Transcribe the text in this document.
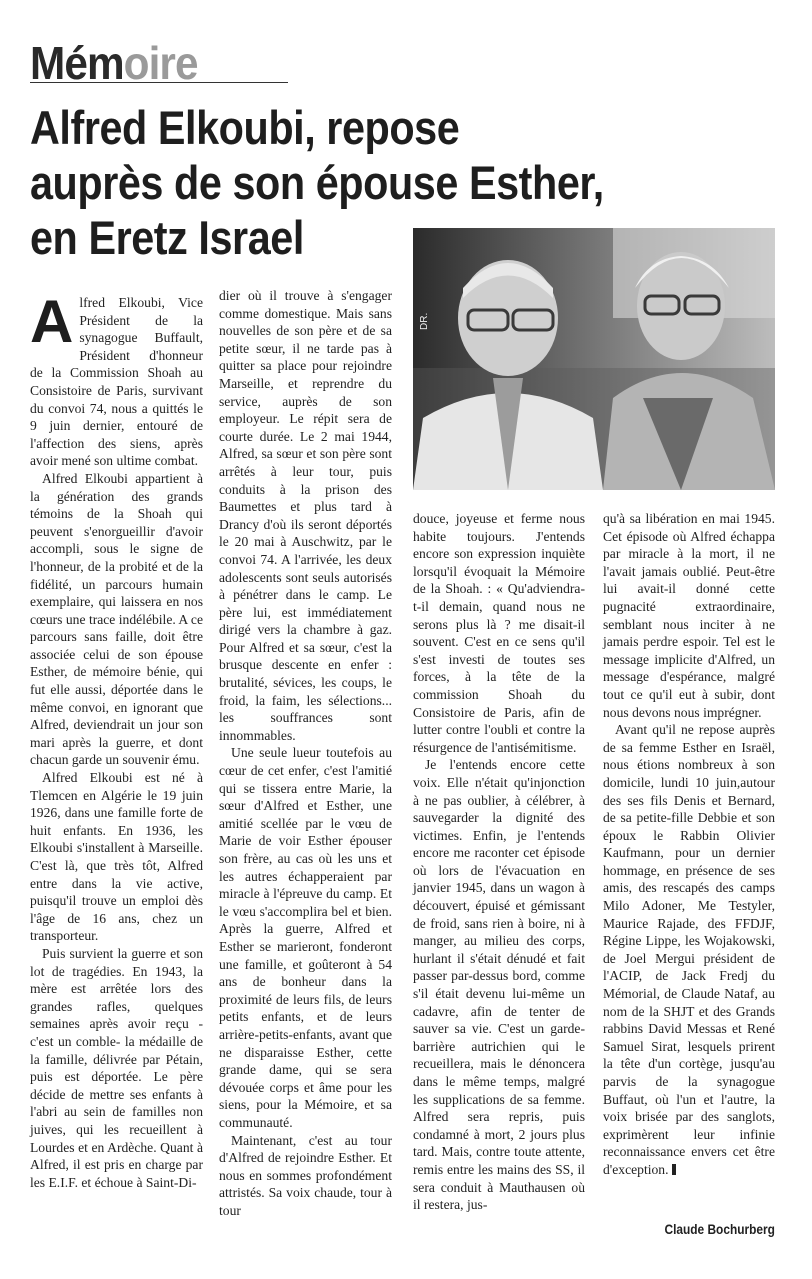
Mémoire
Alfred Elkoubi, repose
auprès de son épouse Esther,
en Eretz Israel
DR.

Alfred Elkoubi, Vice Président de la synagogue Buffault, Président d'honneur de la Commission Shoah au Consistoire de Paris, survivant du convoi 74, nous a quittés le 9 juin dernier, entouré de l'affection des siens, après avoir mené son ultime combat.

Alfred Elkoubi appartient à la génération des grands témoins de la Shoah qui peuvent s'enorgueillir d'avoir accompli, sous le signe de l'honneur, de la probité et de la fidélité, un parcours humain exemplaire, qui laissera en nos cœurs une trace indélébile. A ce parcours sans faille, doit être associée celui de son épouse Esther, de mémoire bénie, qui fut elle aussi, déportée dans le même convoi, en ignorant que Alfred, deviendrait un jour son mari après la guerre, et dont chacun garde un souvenir ému.

Alfred Elkoubi est né à Tlemcen en Algérie le 19 juin 1926, dans une famille forte de huit enfants. En 1936, les Elkoubi s'installent à Marseille. C'est là, que très tôt, Alfred entre dans la vie active, puisqu'il trouve un emploi dès l'âge de 16 ans, chez un transporteur.

Puis survient la guerre et son lot de tragédies. En 1943, la mère est arrêtée lors des grandes rafles, quelques semaines après avoir reçu - c'est un comble- la médaille de la famille, délivrée par Pétain, puis est déportée. Le père décide de mettre ses enfants à l'abri au sein de familles non juives, qui les recueillent à Lourdes et en Ardèche. Quant à Alfred, il est pris en charge par les E.I.F. et échoue à Saint-Di-

dier où il trouve à s'engager comme domestique. Mais sans nouvelles de son père et de sa petite sœur, il ne tarde pas à quitter sa place pour rejoindre Marseille, et reprendre du service, auprès de son employeur. Le répit sera de courte durée. Le 2 mai 1944, Alfred, sa sœur et son père sont arrêtés à leur tour, puis conduits à la prison des Baumettes et plus tard à Drancy d'où ils seront déportés le 20 mai à Auschwitz, par le convoi 74. A l'arrivée, les deux adolescents sont seuls autorisés à pénétrer dans le camp. Le père lui, est immédiatement dirigé vers la chambre à gaz. Pour Alfred et sa sœur, c'est la brusque descente en enfer : brutalité, sévices, les coups, le froid, la faim, les sélections... les souffrances sont innommables.

Une seule lueur toutefois au cœur de cet enfer, c'est l'amitié qui se tissera entre Marie, la sœur d'Alfred et Esther, une amitié scellée par le vœu de Marie de voir Esther épouser son frère, au cas où les uns et les autres échapperaient par miracle à l'épreuve du camp. Et le vœu s'accomplira bel et bien. Après la guerre, Alfred et Esther se marieront, fonderont une famille, et goûteront à 54 ans de bonheur dans la proximité de leurs fils, de leurs petits enfants, et de leurs arrière-petits-enfants, avant que ne disparaisse Esther, cette grande dame, qui se sera dévouée corps et âme pour les siens, pour la Mémoire, et sa communauté.

Maintenant, c'est au tour d'Alfred de rejoindre Esther. Et nous en sommes profondément attristés. Sa voix chaude, tour à tour

douce, joyeuse et ferme nous habite toujours. J'entends encore son expression inquiète lorsqu'il évoquait la Mémoire de la Shoah. : « Qu'adviendra-t-il demain, quand nous ne serons plus là ? me disait-il souvent. C'est en ce sens qu'il s'est investi de toutes ses forces, à la tête de la commission Shoah du Consistoire de Paris, afin de lutter contre l'oubli et contre la résurgence de l'antisémitisme.

Je l'entends encore cette voix. Elle n'était qu'injonction à ne pas oublier, à célébrer, à sauvegarder la dignité des victimes. Enfin, je l'entends encore me raconter cet épisode où lors de l'évacuation en janvier 1945, dans un wagon à découvert, épuisé et gémissant de froid, sans rien à boire, ni à manger, au milieu des corps, hurlant il s'était dénudé et fait passer par-dessus bord, comme s'il était devenu lui-même un cadavre, afin de tenter de sauver sa vie. C'est un garde-barrière autrichien qui le recueillera, mais le dénoncera dans le même temps, malgré les supplications de sa femme. Alfred sera repris, puis condamné à mort, 2 jours plus tard. Mais, contre toute attente, remis entre les mains des SS, il sera conduit à Mauthausen où il restera, jus-

qu'à sa libération en mai 1945. Cet épisode où Alfred échappa par miracle à la mort, il ne l'avait jamais oublié. Peut-être lui avait-il donné cette pugnacité extraordinaire, semblant nous inciter à ne jamais perdre espoir. Tel est le message implicite d'Alfred, un message d'espérance, malgré tout ce qu'il eut à subir, dont nous devons nous imprégner.

Avant qu'il ne repose auprès de sa femme Esther en Israël, nous étions nombreux à son domicile, lundi 10 juin,autour des ses fils Denis et Bernard, de sa petite-fille Debbie et son époux le Rabbin Olivier Kaufmann, pour un dernier hommage, en présence de ses amis, des rescapés des camps Milo Adoner, Me Testyler, Maurice Rajade, des FFDJF, Régine Lippe, les Wojakowski, de Joel Mergui président de l'ACIP, de Jack Fredj du Mémorial, de Claude Nataf, au nom de la SHJT et des Grands rabbins David Messas et René Samuel Sirat, lesquels prirent la tête d'un cortège, jusqu'au parvis de la synagogue Buffaut, où l'un et l'autre, la voix brisée par des sanglots, exprimèrent leur infinie reconnaissance envers cet être d'exception.

Claude Bochurberg
